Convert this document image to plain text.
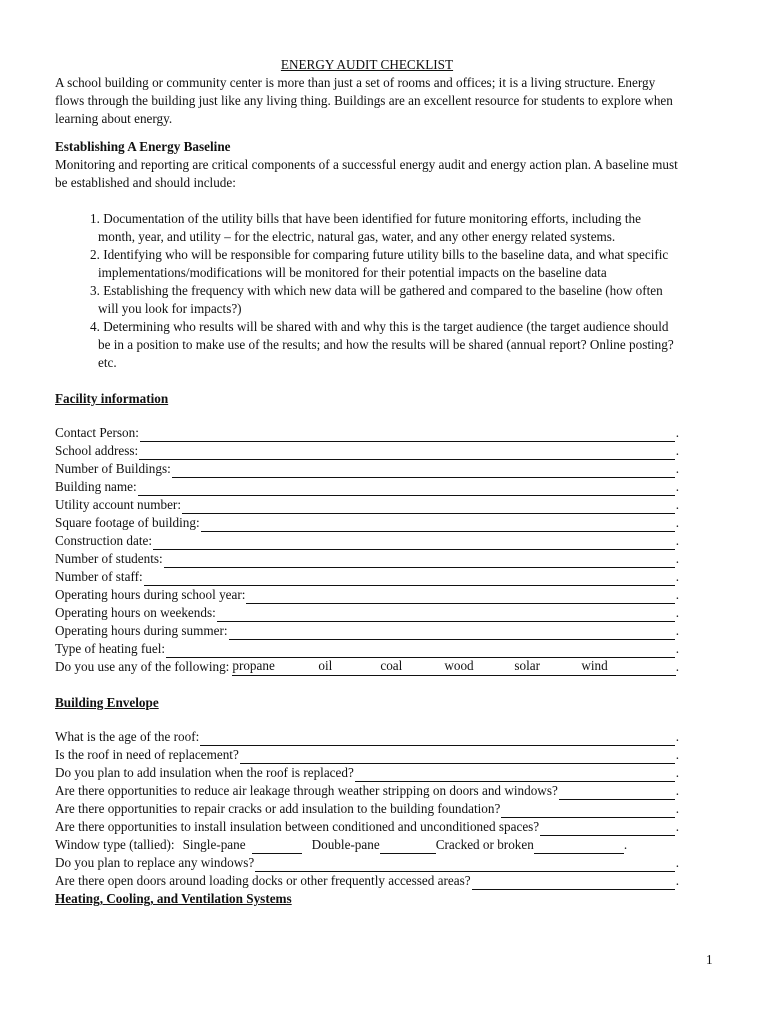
ENERGY AUDIT CHECKLIST

A school building or community center is more than just a set of rooms and offices; it is a living structure. Energy flows through the building just like any living thing. Buildings are an excellent resource for students to explore when learning about energy.

Establishing A Energy Baseline

Monitoring and reporting are critical components of a successful energy audit and energy action plan. A baseline must be established and should include:

1. Documentation of the utility bills that have been identified for future monitoring efforts, including the month, year, and utility – for the electric, natural gas, water, and any other energy related systems.
2. Identifying who will be responsible for comparing future utility bills to the baseline data, and what specific implementations/modifications will be monitored for their potential impacts on the baseline data
3. Establishing the frequency with which new data will be gathered and compared to the baseline (how often will you look for impacts?)
4. Determining who results will be shared with and why this is the target audience (the target audience should be in a position to make use of the results; and how the results will be shared (annual report? Online posting? etc.

Facility information

Contact Person:	.
School address:	.
Number of Buildings:	.
Building name:	.
Utility account number:	.
Square footage of building:	.
Construction date:	.
Number of students:	.
Number of staff:	.
Operating hours during school year:	.
Operating hours on weekends:	.
Operating hours during summer:	.
Type of heating fuel:	.
Do you use any of the following: propane	oil	coal	wood	solar	wind	.

Building Envelope

What is the age of the roof:	.
Is the roof in need of replacement?	.
Do you plan to add insulation when the roof is replaced?	.
Are there opportunities to reduce air leakage through weather stripping on doors and windows?	.
Are there opportunities to repair cracks or add insulation to the building foundation?	.
Are there opportunities to install insulation between conditioned and unconditioned spaces?	.
Window type (tallied): Single-pane	Double-pane	Cracked or broken	.
Do you plan to replace any windows?	.
Are there open doors around loading docks or other frequently accessed areas?	.

Heating, Cooling, and Ventilation Systems

1
